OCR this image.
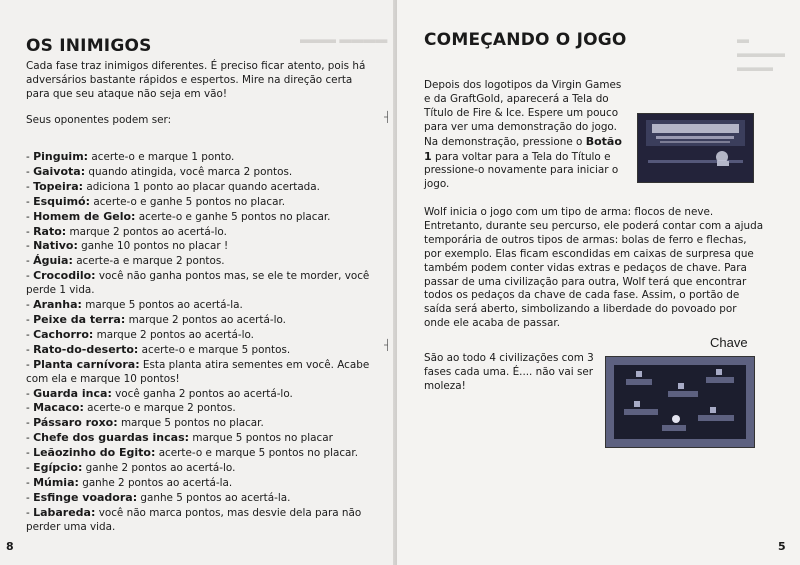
▬▬▬ ▬▬▬▬
OS INIMIGOS

Cada fase traz inimigos diferentes. É preciso ficar atento, pois há adversários bastante rápidos e espertos. Mire na direção certa para que seu ataque não seja em vão!

Seus oponentes podem ser:

- Pinguim: acerte-o e marque 1 ponto.

- Gaivota: quando atingida, você marca 2 pontos.

- Topeira: adiciona 1 ponto ao placar quando acertada.

- Esquimó: acerte-o e ganhe 5 pontos no placar.

- Homem de Gelo: acerte-o e ganhe 5 pontos no placar.

- Rato: marque 2 pontos ao acertá-lo.

- Nativo: ganhe 10 pontos no placar !

- Águia: acerte-a e marque 2 pontos.

- Crocodilo: você não ganha pontos mas, se ele te morder, você perde 1 vida.

- Aranha: marque 5 pontos ao acertá-la.

- Peixe da terra: marque 2 pontos ao acertá-lo.

- Cachorro: marque 2 pontos ao acertá-lo.

- Rato-do-deserto: acerte-o e marque 5 pontos.

- Planta carnívora: Esta planta atira sementes em você. Acabe com ela e marque 10 pontos!

- Guarda inca: você ganha 2 pontos ao acertá-lo.

- Macaco: acerte-o e marque 2 pontos.

- Pássaro roxo: marque 5 pontos no placar.

- Chefe dos guardas incas: marque 5 pontos no placar

- Leãozinho do Egito: acerte-o e marque 5 pontos no placar.

- Egípcio: ganhe 2 pontos ao acertá-lo.

- Múmia: ganhe 2 pontos ao acertá-la.

- Esfinge voadora: ganhe 5 pontos ao acertá-la.

- Labareda: você não marca pontos, mas desvie dela para não perder uma vida.

8
┤
┤
COMEÇANDO O JOGO	▬ ▬▬▬▬ ▬▬▬
Depois dos logotipos da Virgin Games e da GraftGold, aparecerá a Tela do Título de Fire & Ice. Espere um pouco para ver uma demonstração do jogo. Na demonstração, pressione o Botão 1 para voltar para a Tela do Título e pressione-o novamente para iniciar o jogo.
Wolf inicia o jogo com um tipo de arma: flocos de neve. Entretanto, durante seu percurso, ele poderá contar com a ajuda temporária de outros tipos de armas: bolas de ferro e flechas, por exemplo. Elas ficam escondidas em caixas de surpresa que também podem conter vidas extras e pedaços de chave. Para passar de uma civilização para outra, Wolf terá que encontrar todos os pedaços da chave de cada fase. Assim, o portão de saída será aberto, simbolizando a liberdade do povoado por onde ele acaba de passar.
São ao todo 4 civilizações com 3 fases cada uma. É.... não vai ser moleza!
Chave
5
